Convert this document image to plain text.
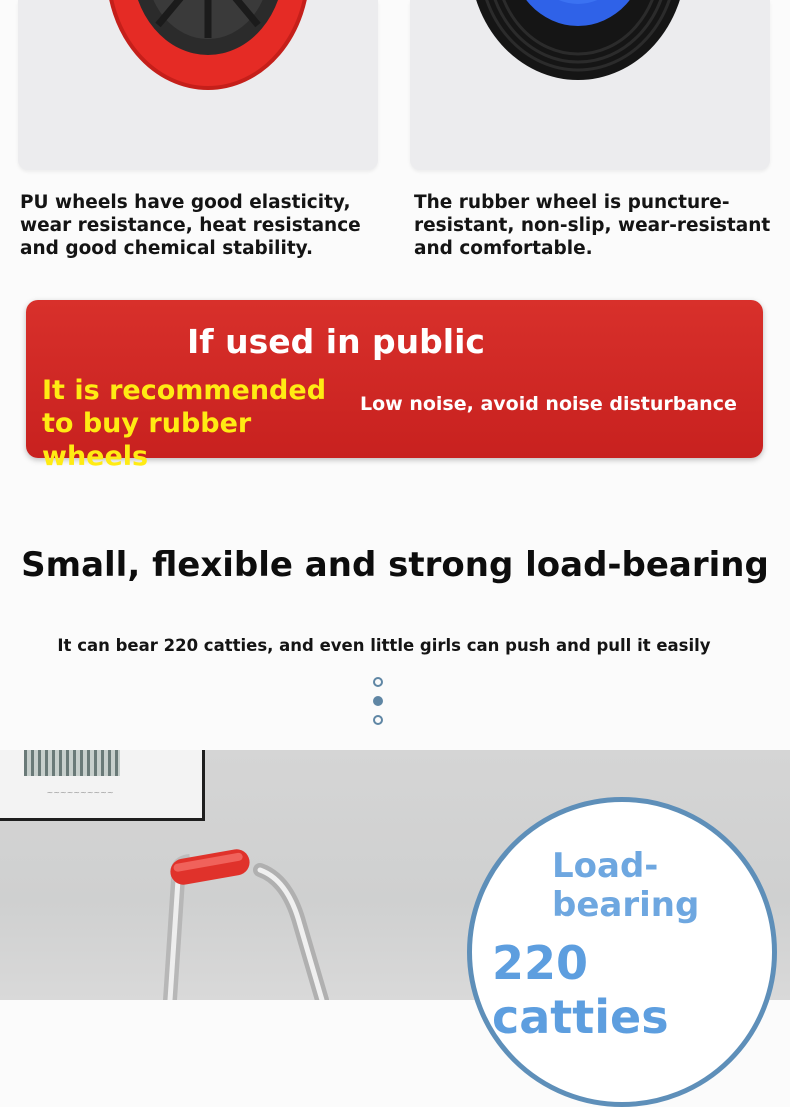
PU wheels have good elasticity, wear resistance, heat resistance and good chemical stability.
The rubber wheel is puncture-resistant, non-slip, wear-resistant and comfortable.
If used in public
It is recommended to buy rubber wheels
Low noise, avoid noise disturbance
Small, flexible and strong load-bearing
It can bear 220 catties, and even little girls can push and pull it easily
~~~~~~~~~~
Load-bearing
220 catties
